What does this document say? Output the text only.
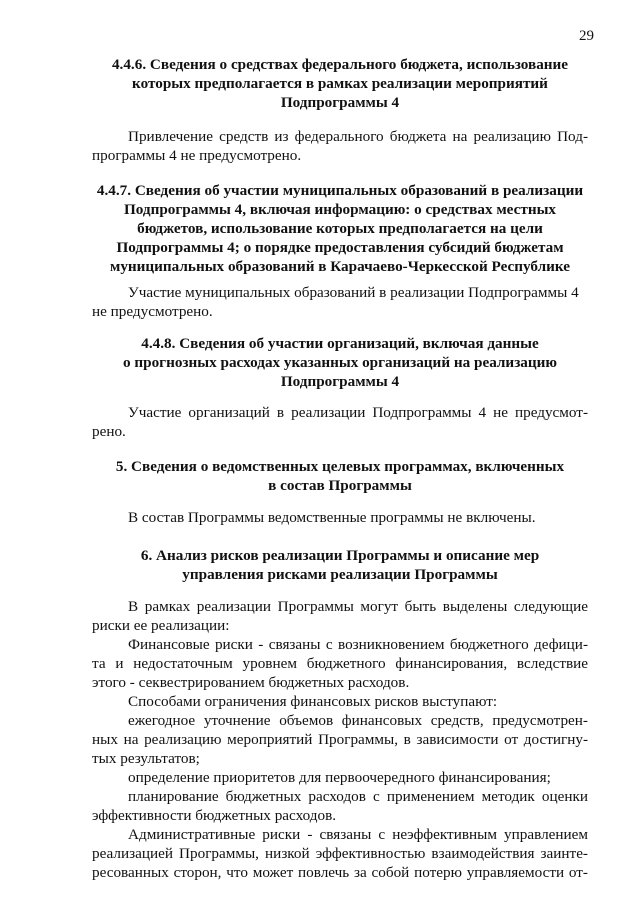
29
4.4.6. Сведения о средствах федерального бюджета, использование
которых предполагается в рамках реализации мероприятий
Подпрограммы 4
Привлечение средств из федерального бюджета на реализацию Под-
программы 4 не предусмотрено.
4.4.7. Сведения об участии муниципальных образований в реализации
Подпрограммы 4, включая информацию: о средствах местных
бюджетов, использование которых предполагается на цели
Подпрограммы 4; о порядке предоставления субсидий бюджетам
муниципальных образований в Карачаево-Черкесской Республике
Участие муниципальных образований в реализации Подпрограммы 4
не предусмотрено.
4.4.8. Сведения об участии организаций, включая данные
о прогнозных расходах указанных организаций на реализацию
Подпрограммы 4
Участие организаций в реализации Подпрограммы 4 не предусмот-
рено.
5. Сведения о ведомственных целевых программах, включенных
в состав Программы
В состав Программы ведомственные программы не включены.
6. Анализ рисков реализации Программы и описание мер
управления рисками реализации Программы
В рамках реализации Программы могут быть выделены следующие
риски ее реализации:
Финансовые риски - связаны с возникновением бюджетного дефици-
та и недостаточным уровнем бюджетного финансирования, вследствие
этого - секвестрированием бюджетных расходов.
Способами ограничения финансовых рисков выступают:
ежегодное уточнение объемов финансовых средств, предусмотрен-
ных на реализацию мероприятий Программы, в зависимости от достигну-
тых результатов;
определение приоритетов для первоочередного финансирования;
планирование бюджетных расходов с применением методик оценки
эффективности бюджетных расходов.
Административные риски - связаны с неэффективным управлением
реализацией Программы, низкой эффективностью взаимодействия заинте-
ресованных сторон, что может повлечь за собой потерю управляемости от-
